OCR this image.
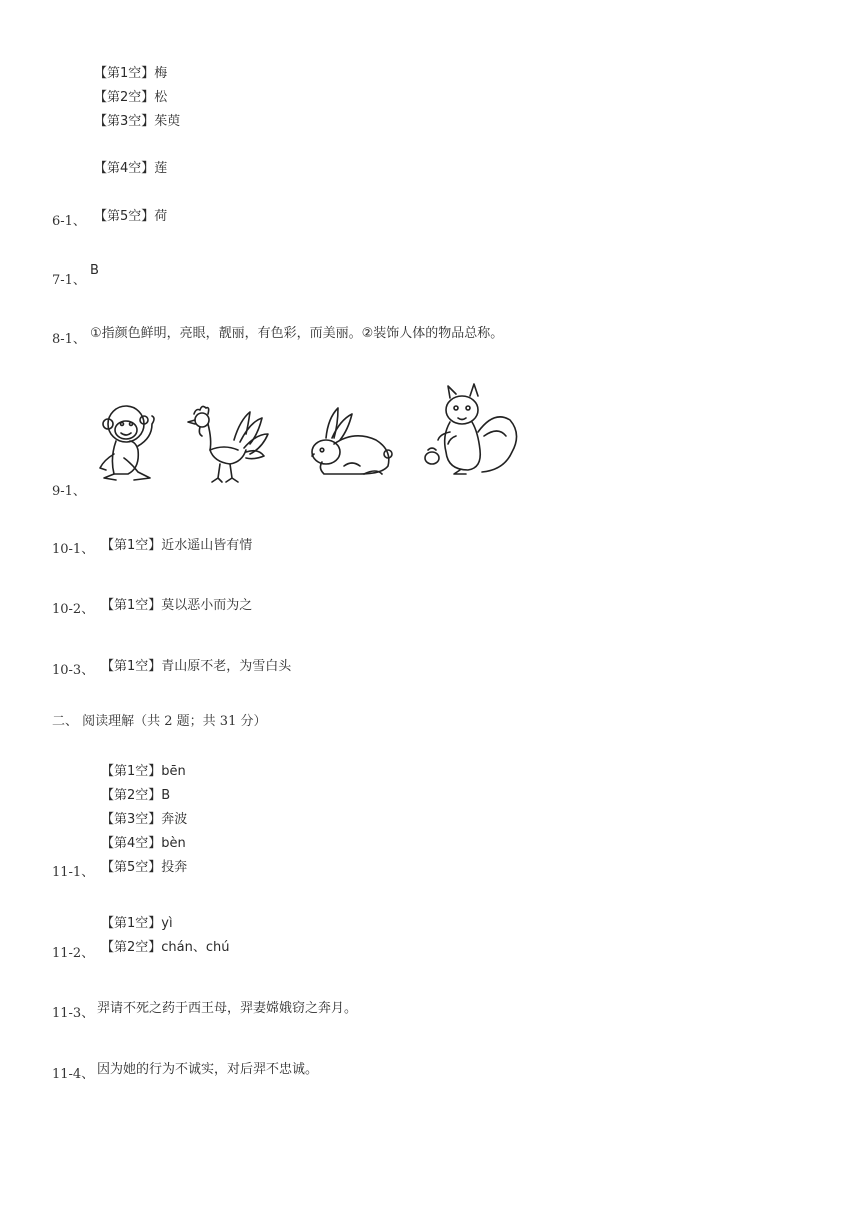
【第1空】梅
【第2空】松
【第3空】茱萸
【第4空】莲
6-1、 【第5空】荷
7-1、
B
8-1、 ①指颜色鲜明，亮眼，靓丽，有色彩，而美丽。②装饰人体的物品总称。
9-1、
10-1、 【第1空】近水遥山皆有情
10-2、 【第1空】莫以恶小而为之
10-3、 【第1空】青山原不老，为雪白头
二、 阅读理解（共 2 题；共 31 分）
【第1空】bēn
【第2空】B
【第3空】奔波
【第4空】bèn
11-1、 【第5空】投奔
【第1空】yì
11-2、 【第2空】chán、chú
11-3、 羿请不死之药于西王母，羿妻嫦娥窃之奔月。
11-4、 因为她的行为不诚实，对后羿不忠诚。
